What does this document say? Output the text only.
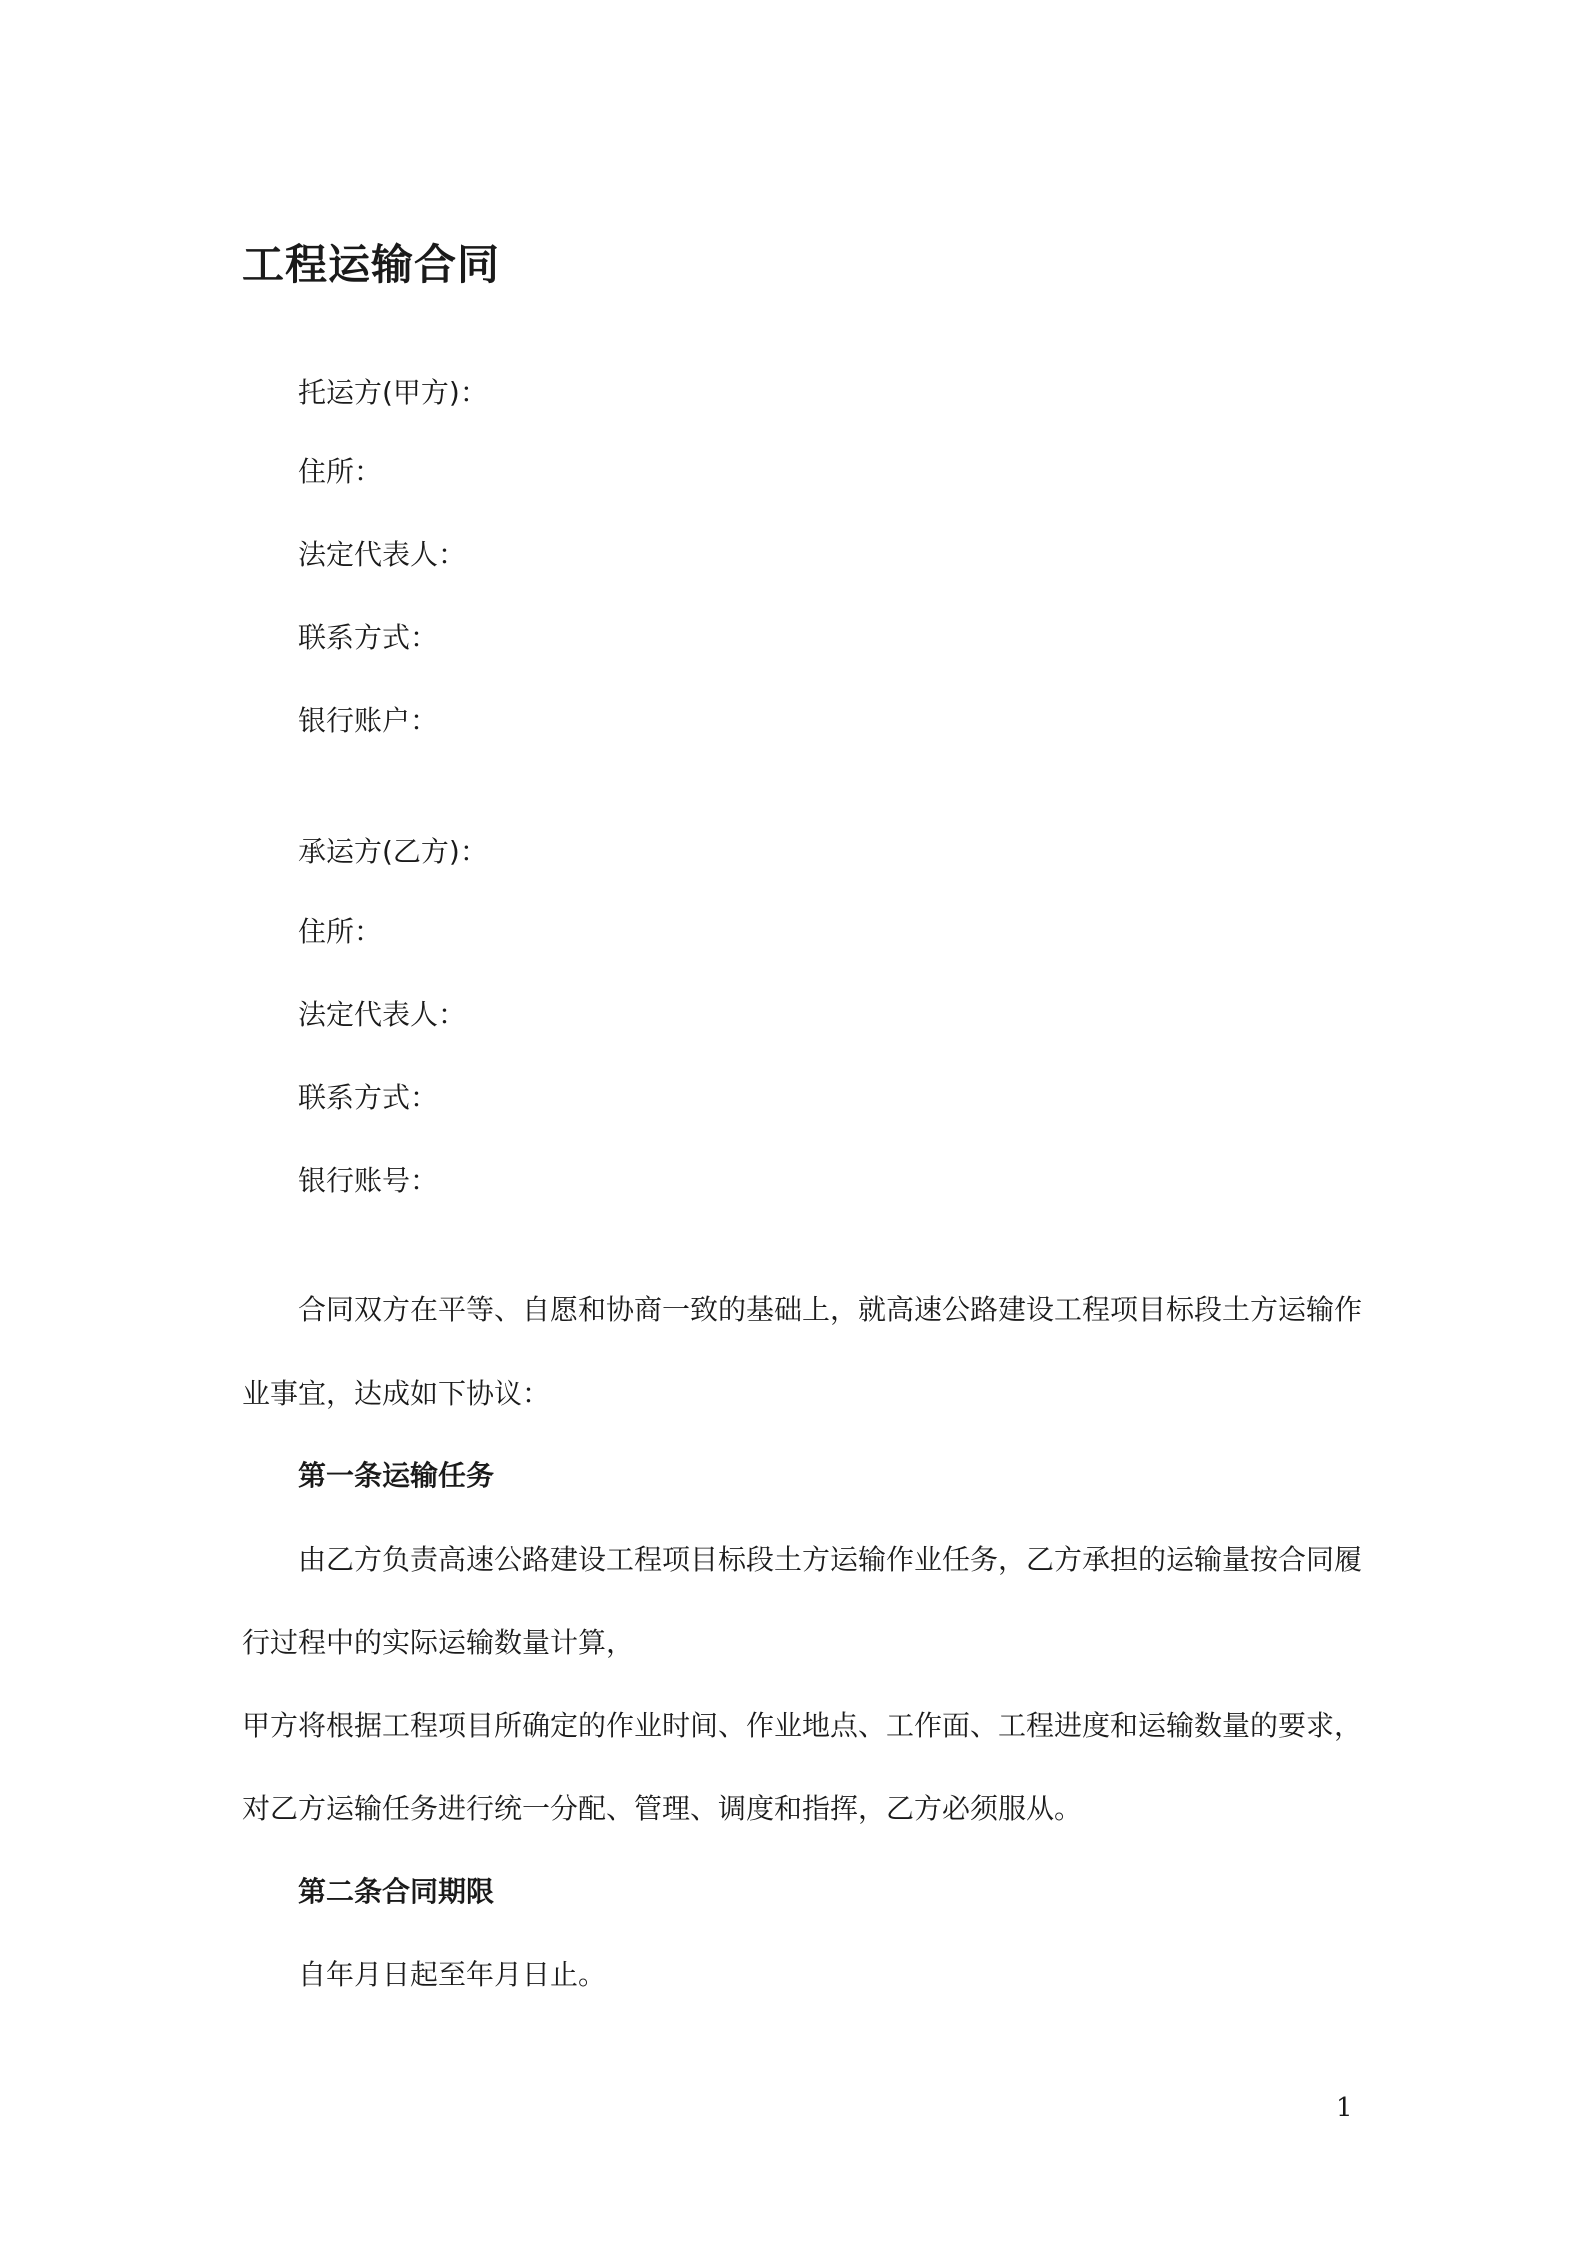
工程运输合同

托运方(甲方)：

住所：

法定代表人：

联系方式：

银行账户：

承运方(乙方)：

住所：

法定代表人：

联系方式：

银行账号：

合同双方在平等、自愿和协商一致的基础上，就高速公路建设工程项目标段土方运输作

业事宜，达成如下协议：

第一条运输任务

由乙方负责高速公路建设工程项目标段土方运输作业任务，乙方承担的运输量按合同履

行过程中的实际运输数量计算，

甲方将根据工程项目所确定的作业时间、作业地点、工作面、工程进度和运输数量的要求，

对乙方运输任务进行统一分配、管理、调度和指挥，乙方必须服从。

第二条合同期限

自年月日起至年月日止。

1
